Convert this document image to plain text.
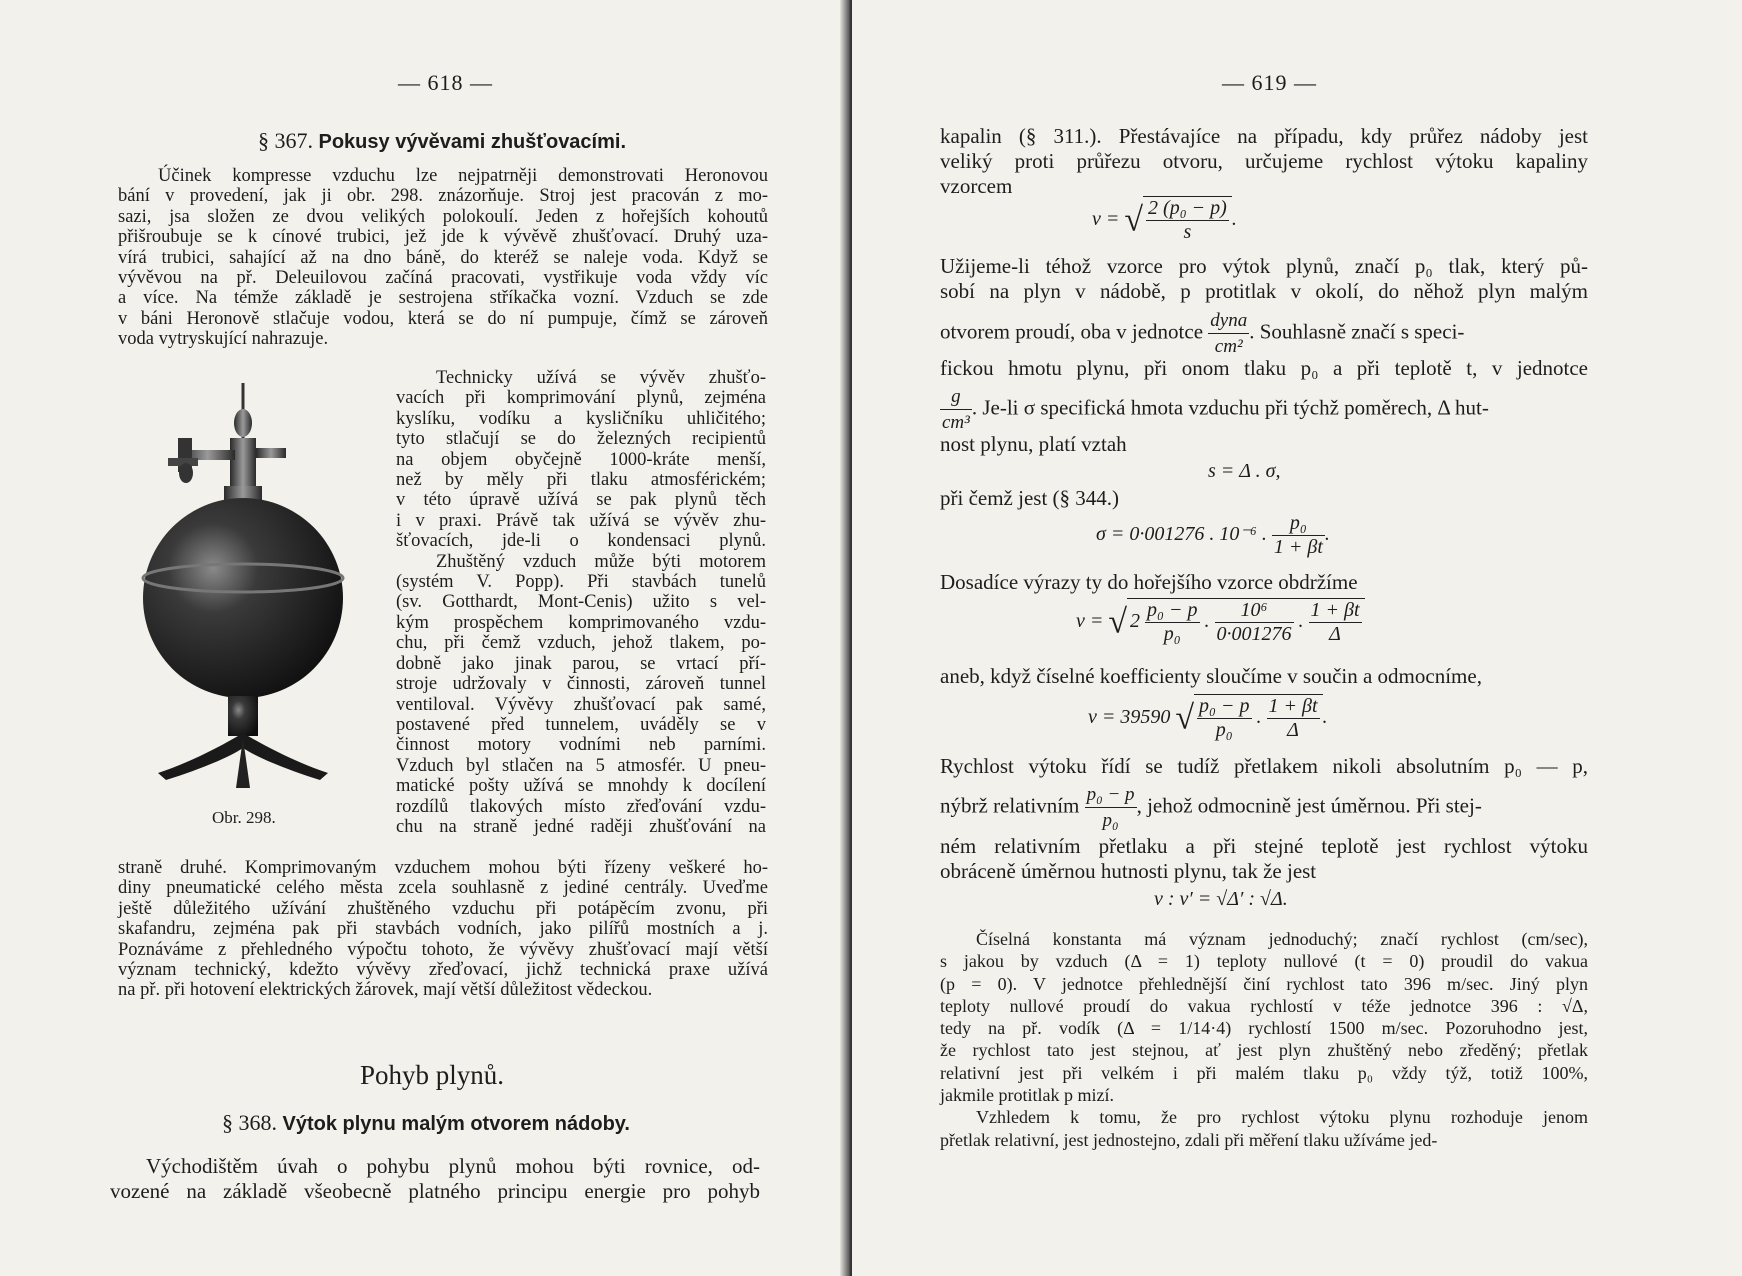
— 618 —
§ 367. Pokusy vývěvami zhušťovacími.
Účinek kompresse vzduchu lze nejpatrněji demonstrovati Heronovou
bání v provedení, jak ji obr. 298. znázorňuje. Stroj jest pracován z mo-
sazi, jsa složen ze dvou velikých polokoulí. Jeden z hořejších kohoutů
přišroubuje se k cínové trubici, jež jde k vývěvě zhušťovací. Druhý uza-
vírá trubici, sahající až na dno báně, do kteréž se naleje voda. Když se
vývěvou na př. Deleuilovou začíná pracovati, vystřikuje voda vždy víc
a více. Na témže základě je sestrojena stříkačka vozní. Vzduch se zde
v báni Heronově stlačuje vodou, která se do ní pumpuje, čímž se zároveň
voda vytryskující nahrazuje.
Technicky užívá se vývěv zhušťo-
vacích při komprimování plynů, zejména
kyslíku, vodíku a kysličníku uhličitého;
tyto stlačují se do železných recipientů
na objem obyčejně 1000-kráte menší,
než by měly při tlaku atmosférickém;
v této úpravě užívá se pak plynů těch
i v praxi. Právě tak užívá se vývěv zhu-
šťovacích, jde-li o kondensaci plynů.
Zhuštěný vzduch může býti motorem
(systém V. Popp). Při stavbách tunelů
(sv. Gotthardt, Mont-Cenis) užito s vel-
kým prospěchem komprimovaného vzdu-
chu, při čemž vzduch, jehož tlakem, po-
dobně jako jinak parou, se vrtací pří-
stroje udržovaly v činnosti, zároveň tunnel
ventiloval. Vývěvy zhušťovací pak samé,
postavené před tunnelem, uváděly se v
činnost motory vodními neb parními.
Vzduch byl stlačen na 5 atmosfér. U pneu-
matické pošty užívá se mnohdy k docílení
rozdílů tlakových místo zřeďování vzdu-
chu na straně jedné raději zhušťování na
straně druhé. Komprimovaným vzduchem mohou býti řízeny veškeré ho-
diny pneumatické celého města zcela souhlasně z jediné centrály. Uveďme
ještě důležitého užívání zhuštěného vzduchu při potápěcím zvonu, při
skafandru, zejména pak při stavbách vodních, jako pilířů mostních a j.
Poznáváme z přehledného výpočtu tohoto, že vývěvy zhušťovací mají větší
význam technický, kdežto vývěvy zřeďovací, jichž technická praxe užívá
na př. při hotovení elektrických žárovek, mají větší důležitost vědeckou.
Obr. 298.
Pohyb plynů.
§ 368. Výtok plynu malým otvorem nádoby.
Východištěm úvah o pohybu plynů mohou býti rovnice, od-
vozené na základě všeobecně platného principu energie pro pohyb
— 619 —
kapalin (§ 311.). Přestávajíce na případu, kdy průřez nádoby jest
veliký proti průřezu otvoru, určujeme rychlost výtoku kapaliny
vzorcem
v = √ $\frac{\text{2 (p₀ − p)}}{s}$ .
Užijeme-li téhož vzorce pro výtok plynů, značí p₀ tlak, který pů-
sobí na plyn v nádobě, p protitlak v okolí, do něhož plyn malým
otvorem proudí, oba v jednotce $\frac{\text{dyna}}{\text{cm²}}$ . Souhlasně značí s speci-
fickou hmotu plynu, při onom tlaku p₀ a při teplotě t, v jednotce
$\frac{g}{\text{cm³}}$ . Je-li σ specifická hmota vzduchu při týchž poměrech, Δ hut-
nost plynu, platí vztah
s = Δ . σ,
při čemž jest (§ 344.)
σ = 0·001276 . 10⁻⁶ . $\frac{\text{p₀}}{1 + \beta t}$ .
Dosadíce výrazy ty do hořejšího vzorce obdržíme
v = √ $2 \frac{\text{p₀ − p}}{\text{p₀}}$ . $\frac{\text{10⁶}}{0\cdot 001276}$ . $\frac{1 + \beta t}{\Delta}$
aneb, když číselné koefficienty sloučíme v součin a odmocníme,
v = 39590 √ $\frac{\text{p₀ − p}}{\text{p₀}}$ . $\frac{1 + \beta t}{\Delta}$ .
Rychlost výtoku řídí se tudíž přetlakem nikoli absolutním p₀ — p,
nýbrž relativním $\frac{\text{p₀ − p}}{\text{p₀}}$ , jehož odmocnině jest úměrnou. Při stej-
ném relativním přetlaku a při stejné teplotě jest rychlost výtoku
obráceně úměrnou hutnosti plynu, tak že jest
v : v′ = √Δ′ : √Δ.
Číselná konstanta má význam jednoduchý; značí rychlost (cm/sec),
s jakou by vzduch (Δ = 1) teploty nullové (t = 0) proudil do vakua
(p = 0). V jednotce přehlednější činí rychlost tato 396 m/sec. Jiný plyn
teploty nullové proudí do vakua rychlostí v téže jednotce 396 : √Δ,
tedy na př. vodík (Δ = 1/14·4) rychlostí 1500 m/sec. Pozoruhodno jest,
že rychlost tato jest stejnou, ať jest plyn zhuštěný nebo zředěný; přetlak
relativní jest při velkém i při malém tlaku p₀ vždy týž, totiž 100%,
jakmile protitlak p mizí.
Vzhledem k tomu, že pro rychlost výtoku plynu rozhoduje jenom
přetlak relativní, jest jednostejno, zdali při měření tlaku užíváme jed-
